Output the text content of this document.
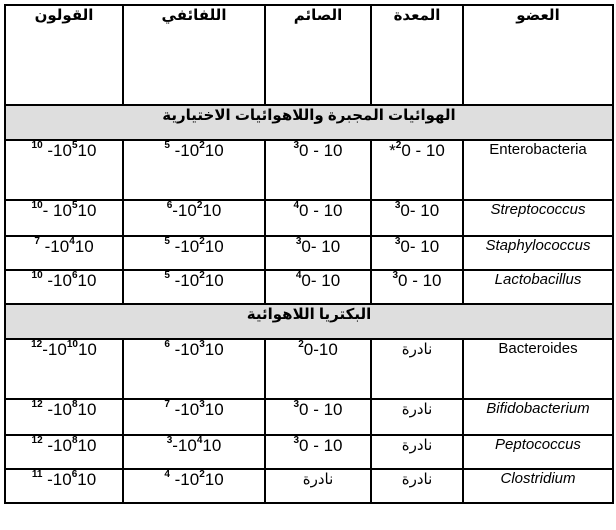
العضو	المعدة	الصائم	اللفائفي	القولون
الهوائيات المجبرة واللاهوائيات الاختيارية				
Enterobacteria	*$^2$0 - 10	$^3$0 - 10	$^5$ $-10^210$	$^{10}$ $-10^510$
Streptococcus	$^3$0- 10	$^4$0 - 10	$^6-10^210$	$^{10}$- $10^510$
Staphylococcus	$^3$0- 10	$^3$0- 10	$^5$ $-10^210$	$^7$ $-10^410$
Lactobacillus	$^3$0 - 10	$^4$0- 10	$^5$ $-10^210$	$^{10}$ $-10^610$
البكتريا اللاهوائية				
Bacteroides	نادرة	$^2$0-10	$^6$ $-10^310$	$^{12}-10^{10}10$
Bifidobacterium	نادرة	$^3$0 - 10	$^7$ $-10^310$	$^{12}$ $-10^810$
Peptococcus	نادرة	$^3$0 - 10	$^3-10^410$	$^{12}$ $-10^810$
Clostridium	نادرة	نادرة	$^4$ $-10^210$	$^{11}$ $-10^610$
